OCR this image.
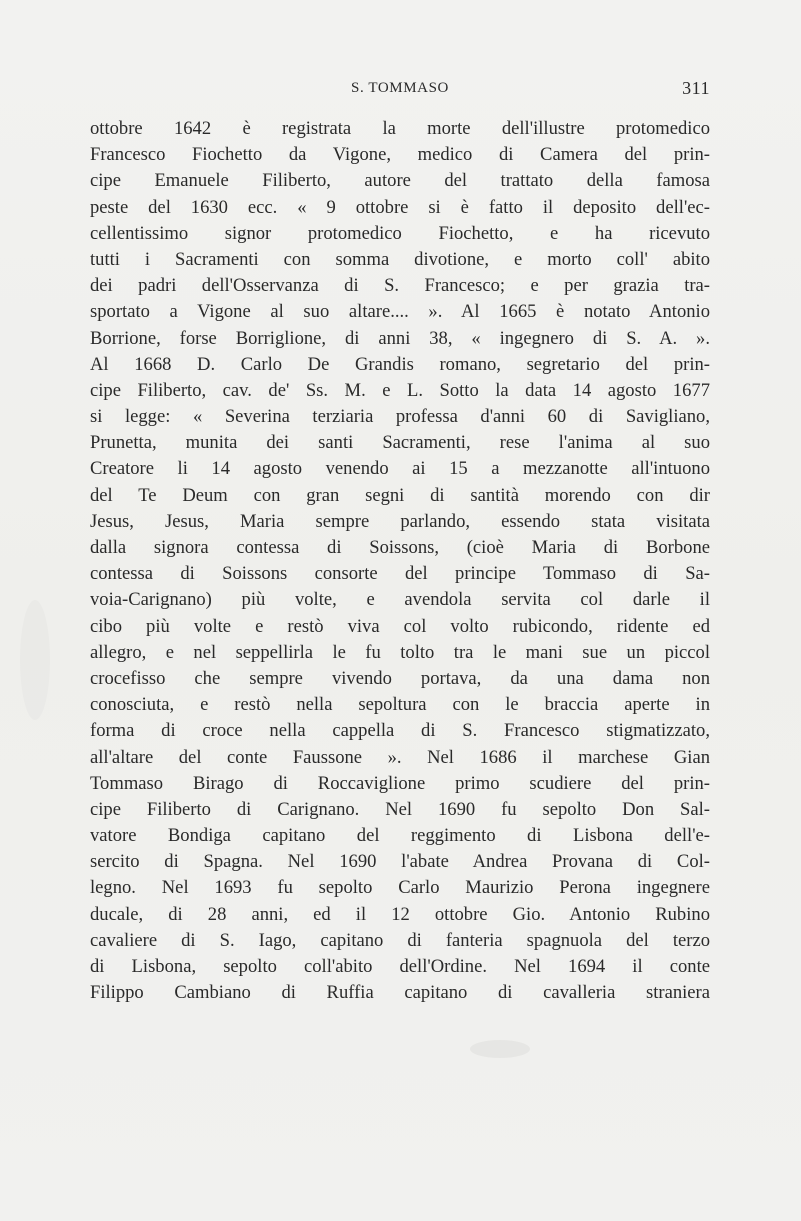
S. TOMMASO	311
ottobre 1642 è registrata la morte dell'illustre protomedico
Francesco Fiochetto da Vigone, medico di Camera del prin-
cipe Emanuele Filiberto, autore del trattato della famosa
peste del 1630 ecc. « 9 ottobre si è fatto il deposito dell'ec-
cellentissimo signor protomedico Fiochetto, e ha ricevuto
tutti i Sacramenti con somma divotione, e morto coll' abito
dei padri dell'Osservanza di S. Francesco; e per grazia tra-
sportato a Vigone al suo altare.... ». Al 1665 è notato Antonio
Borrione, forse Borriglione, di anni 38, « ingegnero di S. A. ».
Al 1668 D. Carlo De Grandis romano, segretario del prin-
cipe Filiberto, cav. de' Ss. M. e L. Sotto la data 14 agosto 1677
si legge: « Severina terziaria professa d'anni 60 di Savigliano,
Prunetta, munita dei santi Sacramenti, rese l'anima al suo
Creatore li 14 agosto venendo ai 15 a mezzanotte all'intuono
del Te Deum con gran segni di santità morendo con dir
Jesus, Jesus, Maria sempre parlando, essendo stata visitata
dalla signora contessa di Soissons, (cioè Maria di Borbone
contessa di Soissons consorte del principe Tommaso di Sa-
voia-Carignano) più volte, e avendola servita col darle il
cibo più volte e restò viva col volto rubicondo, ridente ed
allegro, e nel seppellirla le fu tolto tra le mani sue un piccol
crocefisso che sempre vivendo portava, da una dama non
conosciuta, e restò nella sepoltura con le braccia aperte in
forma di croce nella cappella di S. Francesco stigmatizzato,
all'altare del conte Faussone ». Nel 1686 il marchese Gian
Tommaso Birago di Roccaviglione primo scudiere del prin-
cipe Filiberto di Carignano. Nel 1690 fu sepolto Don Sal-
vatore Bondiga capitano del reggimento di Lisbona dell'e-
sercito di Spagna. Nel 1690 l'abate Andrea Provana di Col-
legno. Nel 1693 fu sepolto Carlo Maurizio Perona ingegnere
ducale, di 28 anni, ed il 12 ottobre Gio. Antonio Rubino
cavaliere di S. Iago, capitano di fanteria spagnuola del terzo
di Lisbona, sepolto coll'abito dell'Ordine. Nel 1694 il conte
Filippo Cambiano di Ruffia capitano di cavalleria straniera
